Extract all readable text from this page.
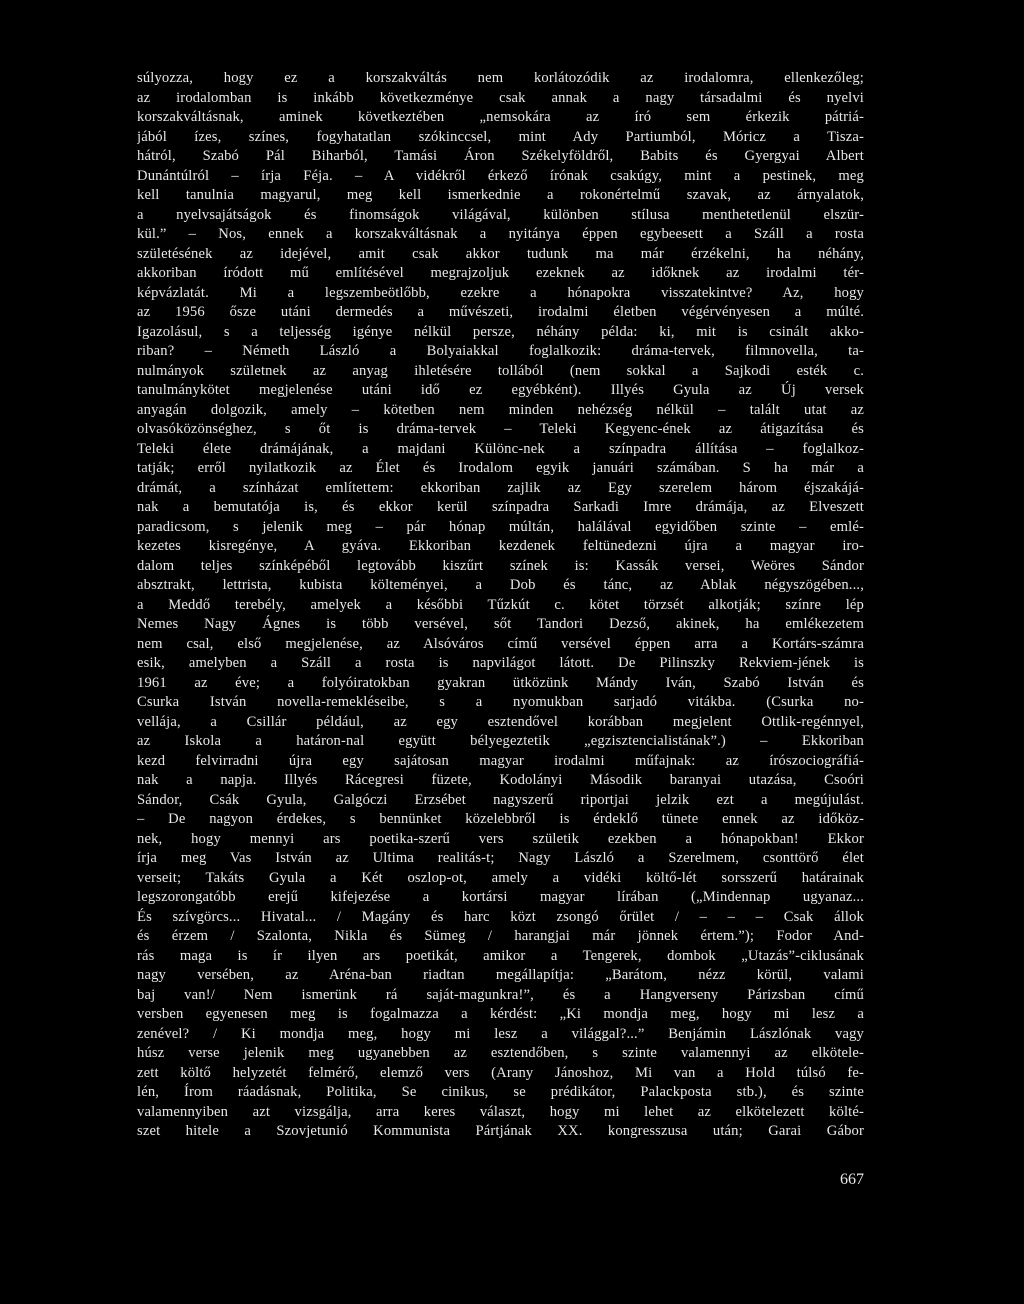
súlyozza, hogy ez a korszakváltás nem korlátozódik az irodalomra, ellenkezőleg;
az irodalomban is inkább következménye csak annak a nagy társadalmi és nyelvi
korszakváltásnak, aminek következtében „nemsokára az író sem érkezik pátriá-
jából ízes, színes, fogyhatatlan szókinccsel, mint Ady Partiumból, Móricz a Tisza-
hátról, Szabó Pál Biharból, Tamási Áron Székelyföldről, Babits és Gyergyai Albert
Dunántúlról – írja Féja. – A vidékről érkező írónak csakúgy, mint a pestinek, meg
kell tanulnia magyarul, meg kell ismerkednie a rokonértelmű szavak, az árnyalatok,
a nyelvsajátságok és finomságok világával, különben stílusa menthetetlenül elszür-
kül.” – Nos, ennek a korszakváltásnak a nyitánya éppen egybeesett a Száll a rosta
születésének az idejével, amit csak akkor tudunk ma már érzékelni, ha néhány,
akkoriban íródott mű említésével megrajzoljuk ezeknek az időknek az irodalmi tér-
képvázlatát. Mi a legszembeötlőbb, ezekre a hónapokra visszatekintve? Az, hogy
az 1956 ősze utáni dermedés a művészeti, irodalmi életben végérvényesen a múlté.
Igazolásul, s a teljesség igénye nélkül persze, néhány példa: ki, mit is csinált akko-
riban? – Németh László a Bolyaiakkal foglalkozik: dráma-tervek, filmnovella, ta-
nulmányok születnek az anyag ihletésére tollából (nem sokkal a Sajkodi esték c.
tanulmánykötet megjelenése utáni idő ez egyébként). Illyés Gyula az Új versek
anyagán dolgozik, amely – kötetben nem minden nehézség nélkül – talált utat az
olvasóközönséghez, s őt is dráma-tervek – Teleki Kegyenc-ének az átigazítása és
Teleki élete drámájának, a majdani Különc-nek a színpadra állítása – foglalkoz-
tatják; erről nyilatkozik az Élet és Irodalom egyik januári számában. S ha már a
drámát, a színházat említettem: ekkoriban zajlik az Egy szerelem három éjszakájá-
nak a bemutatója is, és ekkor kerül színpadra Sarkadi Imre drámája, az Elveszett
paradicsom, s jelenik meg – pár hónap múltán, halálával egyidőben szinte – emlé-
kezetes kisregénye, A gyáva. Ekkoriban kezdenek feltünedezni újra a magyar iro-
dalom teljes színképéből legtovább kiszűrt színek is: Kassák versei, Weöres Sándor
absztrakt, lettrista, kubista költeményei, a Dob és tánc, az Ablak négyszögében...,
a Meddő terebély, amelyek a későbbi Tűzkút c. kötet törzsét alkotják; színre lép
Nemes Nagy Ágnes is több versével, sőt Tandori Dezső, akinek, ha emlékezetem
nem csal, első megjelenése, az Alsóváros című versével éppen arra a Kortárs-számra
esik, amelyben a Száll a rosta is napvilágot látott. De Pilinszky Rekviem-jének is
1961 az éve; a folyóiratokban gyakran ütközünk Mándy Iván, Szabó István és
Csurka István novella-remekléseibe, s a nyomukban sarjadó vitákba. (Csurka no-
vellája, a Csillár például, az egy esztendővel korábban megjelent Ottlik-regénnyel,
az Iskola a határon-nal együtt bélyegeztetik „egzisztencialistának”.) – Ekkoriban
kezd felvirradni újra egy sajátosan magyar irodalmi műfajnak: az írószociográfiá-
nak a napja. Illyés Rácegresi füzete, Kodolányi Második baranyai utazása, Csoóri
Sándor, Csák Gyula, Galgóczi Erzsébet nagyszerű riportjai jelzik ezt a megújulást.
– De nagyon érdekes, s bennünket közelebbről is érdeklő tünete ennek az időköz-
nek, hogy mennyi ars poetika-szerű vers születik ezekben a hónapokban! Ekkor
írja meg Vas István az Ultima realitás-t; Nagy László a Szerelmem, csonttörő élet
verseit; Takáts Gyula a Két oszlop-ot, amely a vidéki költő-lét sorsszerű határainak
legszorongatóbb erejű kifejezése a kortársi magyar lírában („Mindennap ugyanaz...
És szívgörcs... Hivatal... / Magány és harc közt zsongó őrület / – – – Csak állok
és érzem / Szalonta, Nikla és Sümeg / harangjai már jönnek értem.”); Fodor And-
rás maga is ír ilyen ars poetikát, amikor a Tengerek, dombok „Utazás”-ciklusának
nagy versében, az Aréna-ban riadtan megállapítja: „Barátom, nézz körül, valami
baj van!/ Nem ismerünk rá saját-magunkra!”, és a Hangverseny Párizsban című
versben egyenesen meg is fogalmazza a kérdést: „Ki mondja meg, hogy mi lesz a
zenével? / Ki mondja meg, hogy mi lesz a világgal?...” Benjámin Lászlónak vagy
húsz verse jelenik meg ugyanebben az esztendőben, s szinte valamennyi az elkötele-
zett költő helyzetét felmérő, elemző vers (Arany Jánoshoz, Mi van a Hold túlsó fe-
lén, Írom ráadásnak, Politika, Se cinikus, se prédikátor, Palackposta stb.), és szinte
valamennyiben azt vizsgálja, arra keres választ, hogy mi lehet az elkötelezett költé-
szet hitele a Szovjetunió Kommunista Pártjának XX. kongresszusa után; Garai Gábor
667
